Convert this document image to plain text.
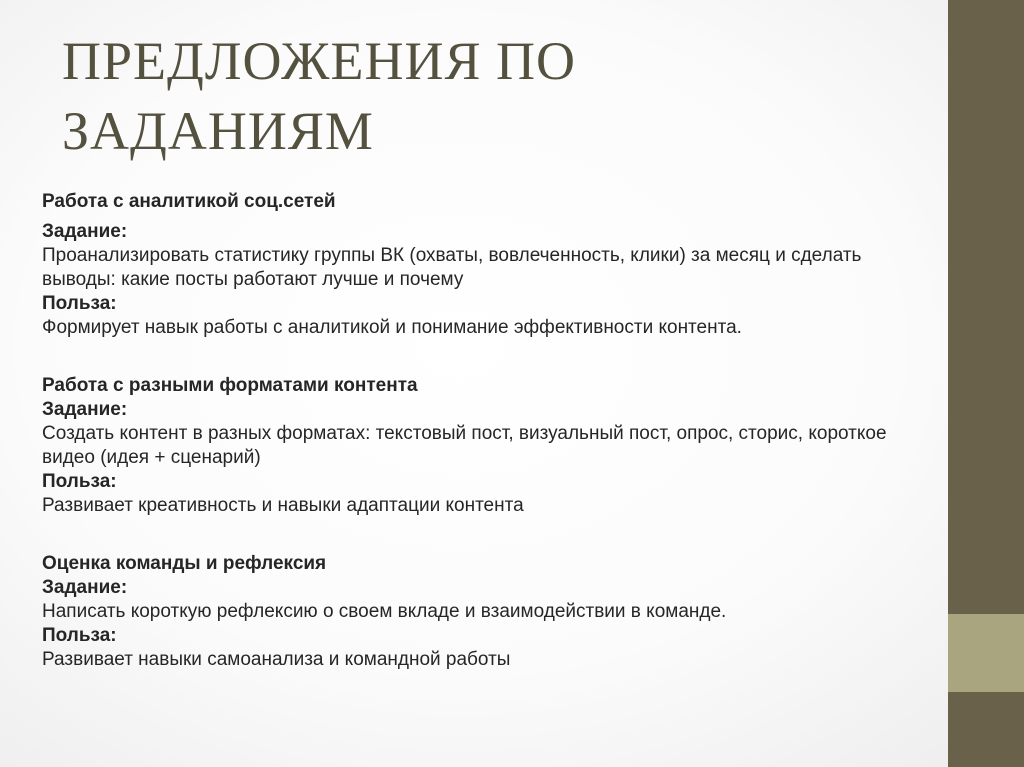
ПРЕДЛОЖЕНИЯ ПО
ЗАДАНИЯМ
Работа с аналитикой соц.сетей
Задание:
Проанализировать статистику группы ВК (охваты, вовлеченность, клики) за месяц и сделать выводы: какие посты работают лучше и почему
Польза:
Формирует навык работы с аналитикой и понимание эффективности контента.
Работа с разными форматами контента
Задание:
Создать контент в разных форматах: текстовый пост, визуальный пост, опрос, сторис, короткое видео (идея + сценарий)
Польза:
Развивает креативность и навыки адаптации контента
Оценка команды и рефлексия
Задание:
Написать короткую рефлексию о своем вкладе и взаимодействии в команде.
Польза:
Развивает навыки самоанализа и командной работы
